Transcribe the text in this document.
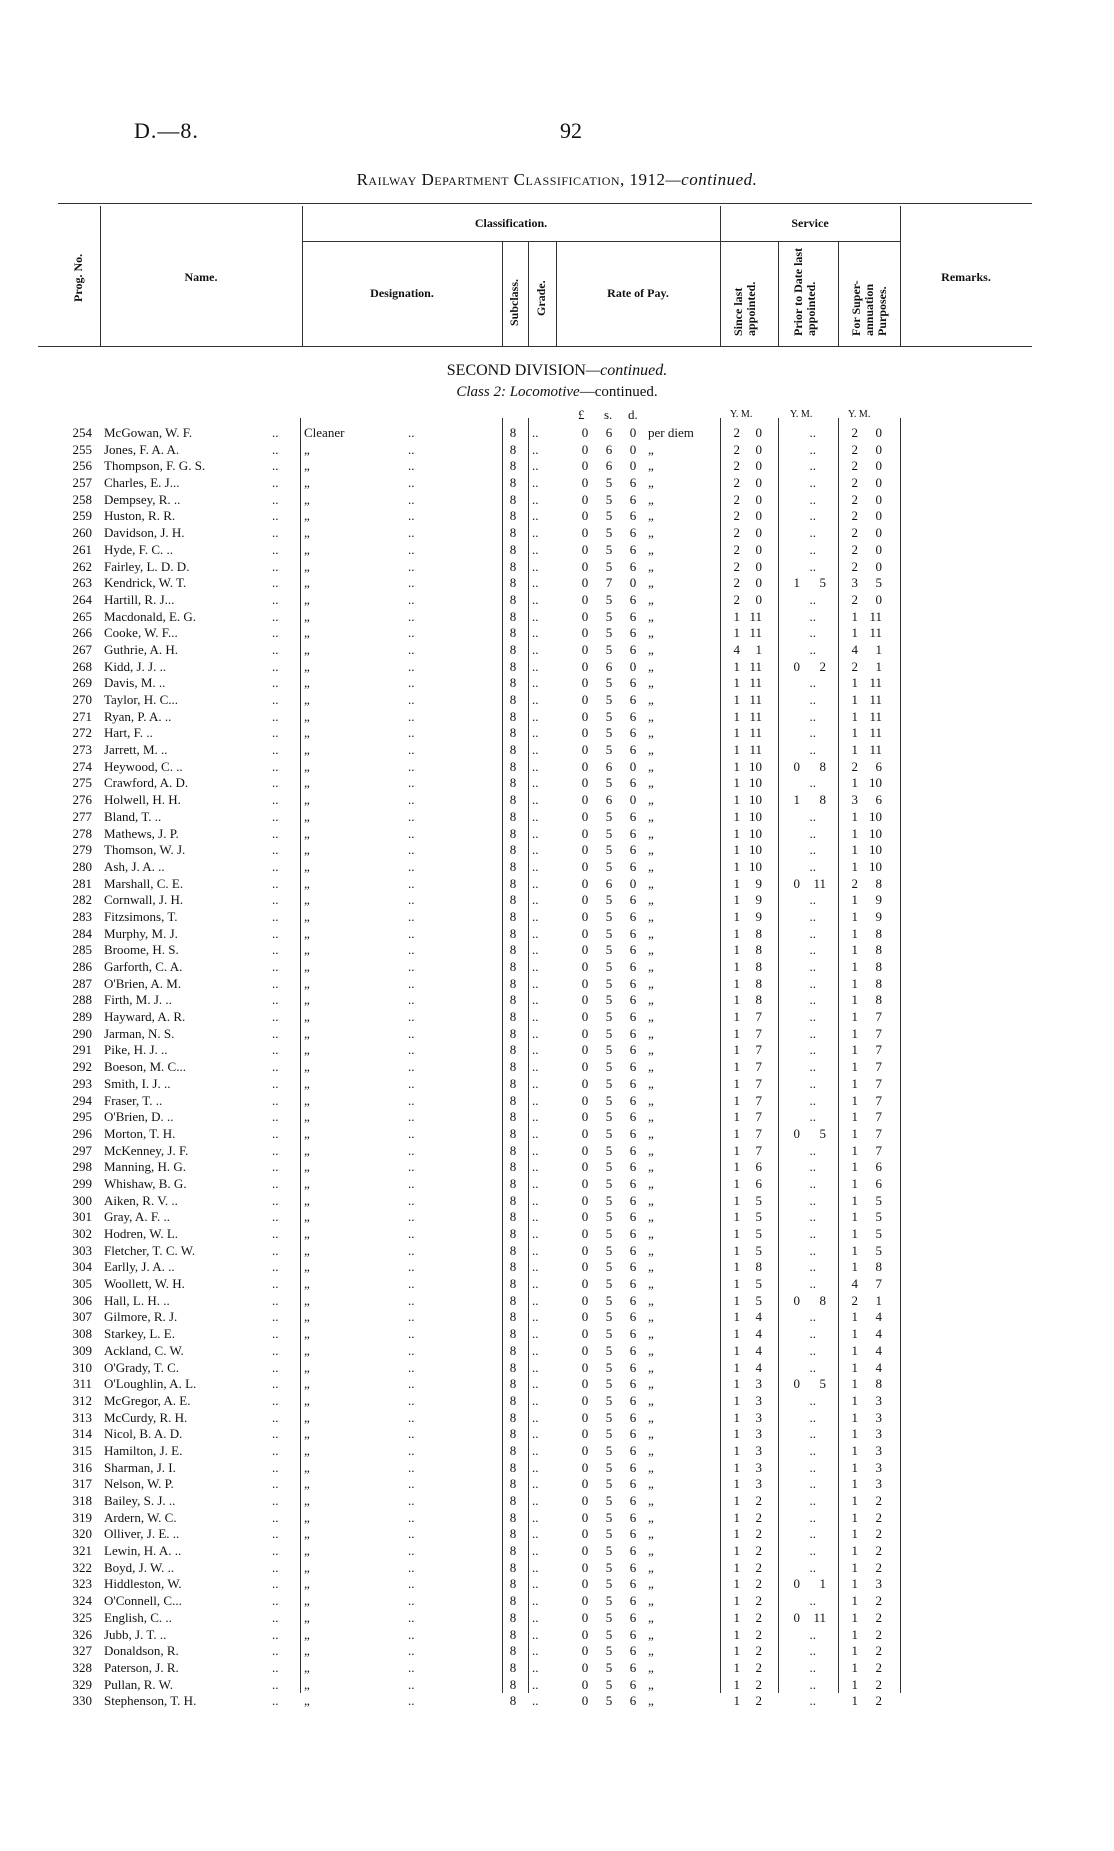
D.—8.	92
Railway Department Classification, 1912—continued.
Prog. No.	Name.
Classification.
Designation.	Subclass. Grade.	Rate of Pay.
Service
Since last appointed.	Prior to Date last appointed.	For Super-annuation Purposes.
Remarks.
SECOND DIVISION—continued.
Class 2: Locomotive—continued.
£ s. d.	Y. M.	Y. M.	Y. M.
254 McGowan, W. F.	.. Cleaner	..	8 ..	0 6 0 per diem	2	0	..	2	0
255 Jones, F. A. A.	.. „	..	8 ..	0 6 0 „	2	0	..	2	0
256 Thompson, F. G. S.	.. „	..	8 ..	0 6 0 „	2	0	..	2	0
257 Charles, E. J...	.. „	..	8 ..	0 5 6 „	2	0	..	2	0
258 Dempsey, R. ..	.. „	..	8 ..	0 5 6 „	2	0	..	2	0
259 Huston, R. R.	.. „	..	8 ..	0 5 6 „	2	0	..	2	0
260 Davidson, J. H.	.. „	..	8 ..	0 5 6 „	2	0	..	2	0
261 Hyde, F. C. ..	.. „	..	8 ..	0 5 6 „	2	0	..	2	0
262 Fairley, L. D. D.	.. „	..	8 ..	0 5 6 „	2	0	..	2	0
263 Kendrick, W. T.	.. „	..	8 ..	0 7 0 „	2	0	1	5	3	5
264 Hartill, R. J...	.. „	..	8 ..	0 5 6 „	2	0	..	2	0
265 Macdonald, E. G.	.. „	..	8 ..	0 5 6 „	1 11	..	1 11
266 Cooke, W. F...	.. „	..	8 ..	0 5 6 „	1 11	..	1 11
267 Guthrie, A. H.	.. „	..	8 ..	0 5 6 „	4	1	..	4	1
268 Kidd, J. J. ..	.. „	..	8 ..	0 6 0 „	1 11	0	2	2	1
269 Davis, M. ..	.. „	..	8 ..	0 5 6 „	1 11	..	1 11
270 Taylor, H. C...	.. „	..	8 ..	0 5 6 „	1 11	..	1 11
271 Ryan, P. A. ..	.. „	..	8 ..	0 5 6 „	1 11	..	1 11
272 Hart, F. ..	.. „	..	8 ..	0 5 6 „	1 11	..	1 11
273 Jarrett, M. ..	.. „	..	8 ..	0 5 6 „	1 11	..	1 11
274 Heywood, C. ..	.. „	..	8 ..	0 6 0 „	1 10	0	8	2	6
275 Crawford, A. D.	.. „	..	8 ..	0 5 6 „	1 10	..	1 10
276 Holwell, H. H.	.. „	..	8 ..	0 6 0 „	1 10	1	8	3	6
277 Bland, T. ..	.. „	..	8 ..	0 5 6 „	1 10	..	1 10
278 Mathews, J. P.	.. „	..	8 ..	0 5 6 „	1 10	..	1 10
279 Thomson, W. J.	.. „	..	8 ..	0 5 6 „	1 10	..	1 10
280 Ash, J. A. ..	.. „	..	8 ..	0 5 6 „	1 10	..	1 10
281 Marshall, C. E.	.. „	..	8 ..	0 6 0 „	1	9	0	11	2	8
282 Cornwall, J. H.	.. „	..	8 ..	0 5 6 „	1	9	..	1	9
283 Fitzsimons, T.	.. „	..	8 ..	0 5 6 „	1	9	..	1	9
284 Murphy, M. J.	.. „	..	8 ..	0 5 6 „	1	8	..	1	8
285 Broome, H. S.	.. „	..	8 ..	0 5 6 „	1	8	..	1	8
286 Garforth, C. A.	.. „	..	8 ..	0 5 6 „	1	8	..	1	8
287 O'Brien, A. M.	.. „	..	8 ..	0 5 6 „	1	8	..	1	8
288 Firth, M. J. ..	.. „	..	8 ..	0 5 6 „	1	8	..	1	8
289 Hayward, A. R.	.. „	..	8 ..	0 5 6 „	1	7	..	1	7
290 Jarman, N. S.	.. „	..	8 ..	0 5 6 „	1	7	..	1	7
291 Pike, H. J. ..	.. „	..	8 ..	0 5 6 „	1	7	..	1	7
292 Boeson, M. C...	.. „	..	8 ..	0 5 6 „	1	7	..	1	7
293 Smith, I. J. ..	.. „	..	8 ..	0 5 6 „	1	7	..	1	7
294 Fraser, T. ..	.. „	..	8 ..	0 5 6 „	1	7	..	1	7
295 O'Brien, D. ..	.. „	..	8 ..	0 5 6 „	1	7	..	1	7
296 Morton, T. H.	.. „	..	8 ..	0 5 6 „	1	7	0	5	1	7
297 McKenney, J. F.	.. „	..	8 ..	0 5 6 „	1	7	..	1	7
298 Manning, H. G.	.. „	..	8 ..	0 5 6 „	1	6	..	1	6
299 Whishaw, B. G.	.. „	..	8 ..	0 5 6 „	1	6	..	1	6
300 Aiken, R. V. ..	.. „	..	8 ..	0 5 6 „	1	5	..	1	5
301 Gray, A. F. ..	.. „	..	8 ..	0 5 6 „	1	5	..	1	5
302 Hodren, W. L.	.. „	..	8 ..	0 5 6 „	1	5	..	1	5
303 Fletcher, T. C. W.	.. „	..	8 ..	0 5 6 „	1	5	..	1	5
304 Earlly, J. A. ..	.. „	..	8 ..	0 5 6 „	1	8	..	1	8
305 Woollett, W. H.	.. „	..	8 ..	0 5 6 „	1	5	..	4	7
306 Hall, L. H. ..	.. „	..	8 ..	0 5 6 „	1	5	0	8	2	1
307 Gilmore, R. J.	.. „	..	8 ..	0 5 6 „	1	4	..	1	4
308 Starkey, L. E.	.. „	..	8 ..	0 5 6 „	1	4	..	1	4
309 Ackland, C. W.	.. „	..	8 ..	0 5 6 „	1	4	..	1	4
310 O'Grady, T. C.	.. „	..	8 ..	0 5 6 „	1	4	..	1	4
311 O'Loughlin, A. L.	.. „	..	8 ..	0 5 6 „	1	3	0	5	1	8
312 McGregor, A. E.	.. „	..	8 ..	0 5 6 „	1	3	..	1	3
313 McCurdy, R. H.	.. „	..	8 ..	0 5 6 „	1	3	..	1	3
314 Nicol, B. A. D.	.. „	..	8 ..	0 5 6 „	1	3	..	1	3
315 Hamilton, J. E.	.. „	..	8 ..	0 5 6 „	1	3	..	1	3
316 Sharman, J. I.	.. „	..	8 ..	0 5 6 „	1	3	..	1	3
317 Nelson, W. P.	.. „	..	8 ..	0 5 6 „	1	3	..	1	3
318 Bailey, S. J. ..	.. „	..	8 ..	0 5 6 „	1	2	..	1	2
319 Ardern, W. C.	.. „	..	8 ..	0 5 6 „	1	2	..	1	2
320 Olliver, J. E. ..	.. „	..	8 ..	0 5 6 „	1	2	..	1	2
321 Lewin, H. A. ..	.. „	..	8 ..	0 5 6 „	1	2	..	1	2
322 Boyd, J. W. ..	.. „	..	8 ..	0 5 6 „	1	2	..	1	2
323 Hiddleston, W.	.. „	..	8 ..	0 5 6 „	1	2	0	1	1	3
324 O'Connell, C...	.. „	..	8 ..	0 5 6 „	1	2	..	1	2
325 English, C. ..	.. „	..	8 ..	0 5 6 „	1	2	0	11	1	2
326 Jubb, J. T. ..	.. „	..	8 ..	0 5 6 „	1	2	..	1	2
327 Donaldson, R.	.. „	..	8 ..	0 5 6 „	1	2	..	1	2
328 Paterson, J. R.	.. „	..	8 ..	0 5 6 „	1	2	..	1	2
329 Pullan, R. W.	.. „	..	8 ..	0 5 6 „	1	2	..	1	2
330 Stephenson, T. H.	.. „	..	8 ..	0 5 6 „	1	2	..	1	2
